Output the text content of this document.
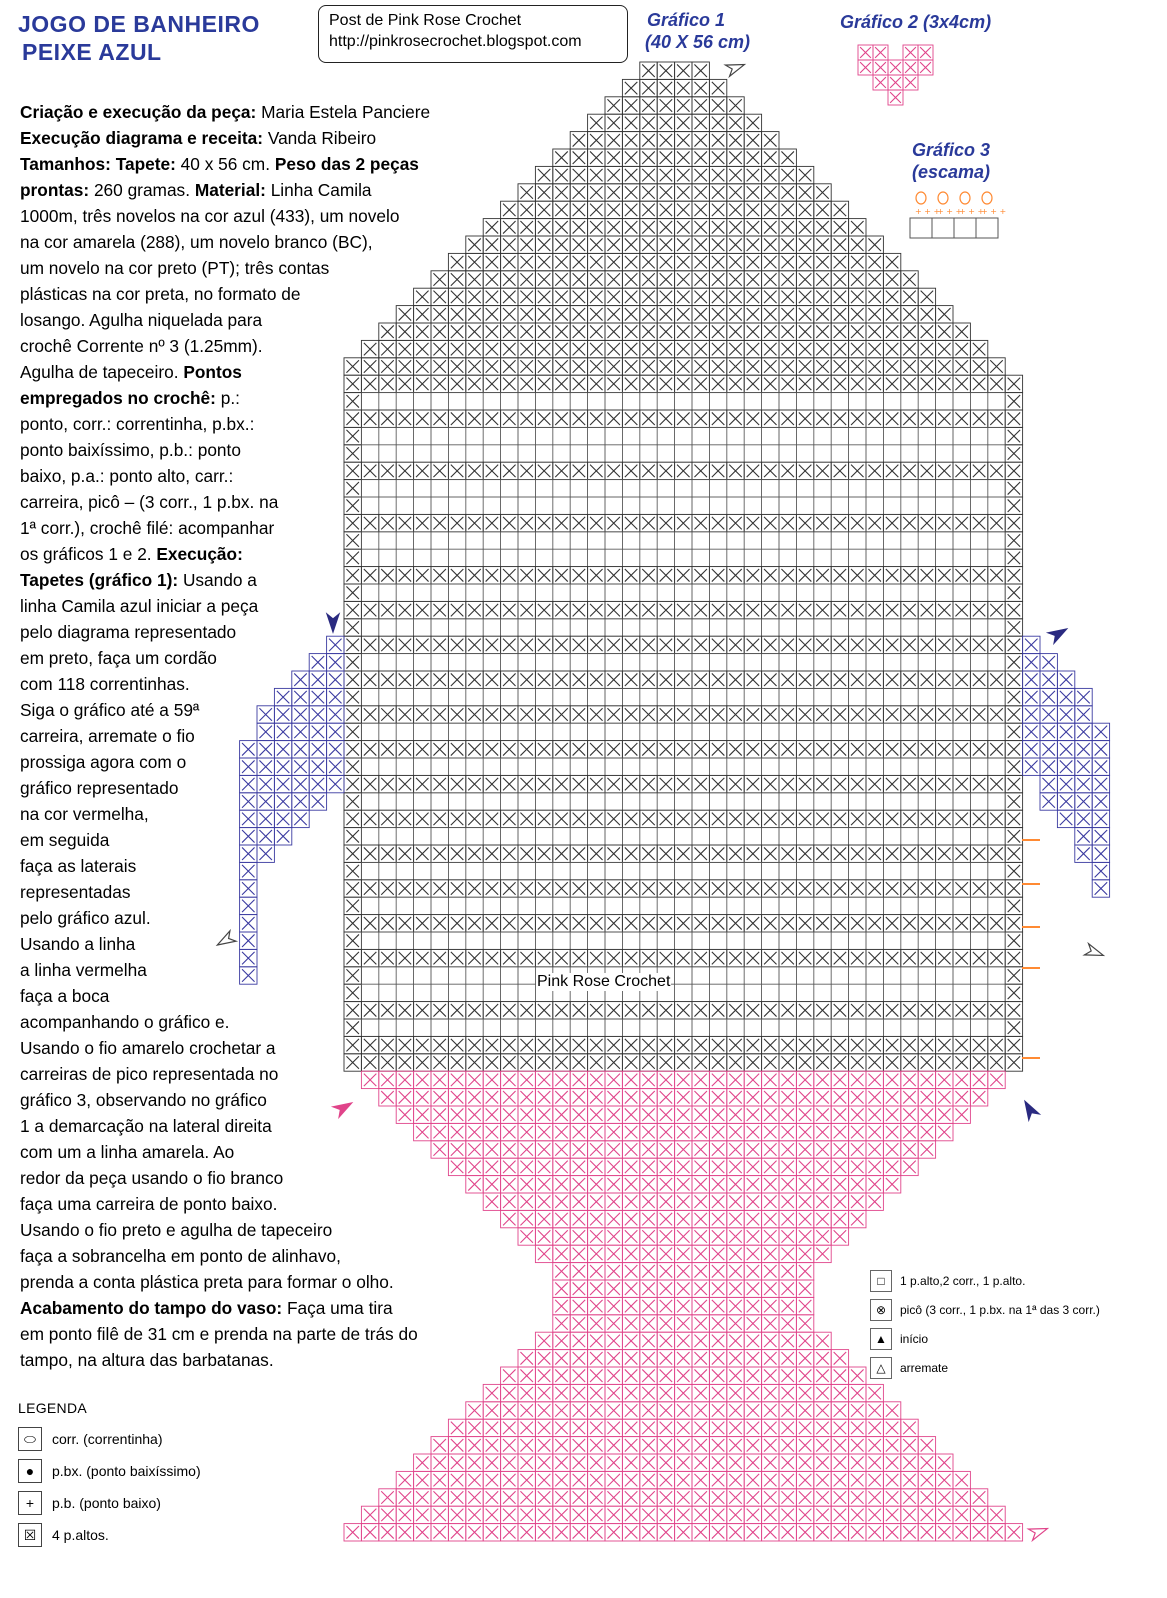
JOGO DE BANHEIRO
PEIXE AZUL
Post de Pink Rose Crochet
http://pinkrosecrochet.blogspot.com
Gráfico 1
(40 X 56 cm)
Gráfico 2 (3x4cm)
Gráfico 3
(escama)
Criação e execução da peça: Maria Estela Panciere
Execução diagrama e receita: Vanda Ribeiro
Tamanhos: Tapete: 40 x 56 cm. Peso das 2 peças
prontas: 260 gramas. Material: Linha Camila
1000m, três novelos na cor azul (433), um novelo
na cor amarela (288), um novelo branco (BC),
um novelo na cor preto (PT); três contas
plásticas na cor preta, no formato de
losango. Agulha niquelada para
crochê Corrente nº 3 (1.25mm).
Agulha de tapeceiro. Pontos
empregados no crochê: p.:
ponto, corr.: correntinha, p.bx.:
ponto baixíssimo, p.b.: ponto
baixo, p.a.: ponto alto, carr.:
carreira, picô – (3 corr., 1 p.bx. na
1ª corr.), crochê filé: acompanhar
os gráficos 1 e 2. Execução:
Tapetes (gráfico 1): Usando a
linha Camila azul iniciar a peça
pelo diagrama representado
em preto, faça um cordão
com 118 correntinhas.
Siga o gráfico até a 59ª
carreira, arremate o fio
prossiga agora com o
gráfico representado
na cor vermelha,
em seguida
faça as laterais
representadas
pelo gráfico azul.
Usando a linha
a linha vermelha
faça a boca
acompanhando o gráfico e.
Usando o fio amarelo crochetar a
carreiras de pico representada no
gráfico 3, observando no gráfico
1 a demarcação na lateral direita
com um a linha amarela. Ao
redor da peça usando o fio branco
faça uma carreira de ponto baixo.
Usando o fio preto e agulha de tapeceiro
faça a sobrancelha em ponto de alinhavo,
prenda a conta plástica preta para formar o olho.
Acabamento do tampo do vaso: Faça uma tira
em ponto filê de 31 cm e prenda na parte de trás do
tampo, na altura das barbatanas.
+ + +
+ + +
+ + +
+ + +
Pink Rose Crochet
LEGENDA
⬭	corr. (correntinha)
●	p.bx. (ponto baixíssimo)
+	p.b. (ponto baixo)
☒	4 p.altos.
□	1 p.alto,2 corr., 1 p.alto.
⊗	picô (3 corr., 1 p.bx. na 1ª das 3 corr.)
▲	início
△	arremate
